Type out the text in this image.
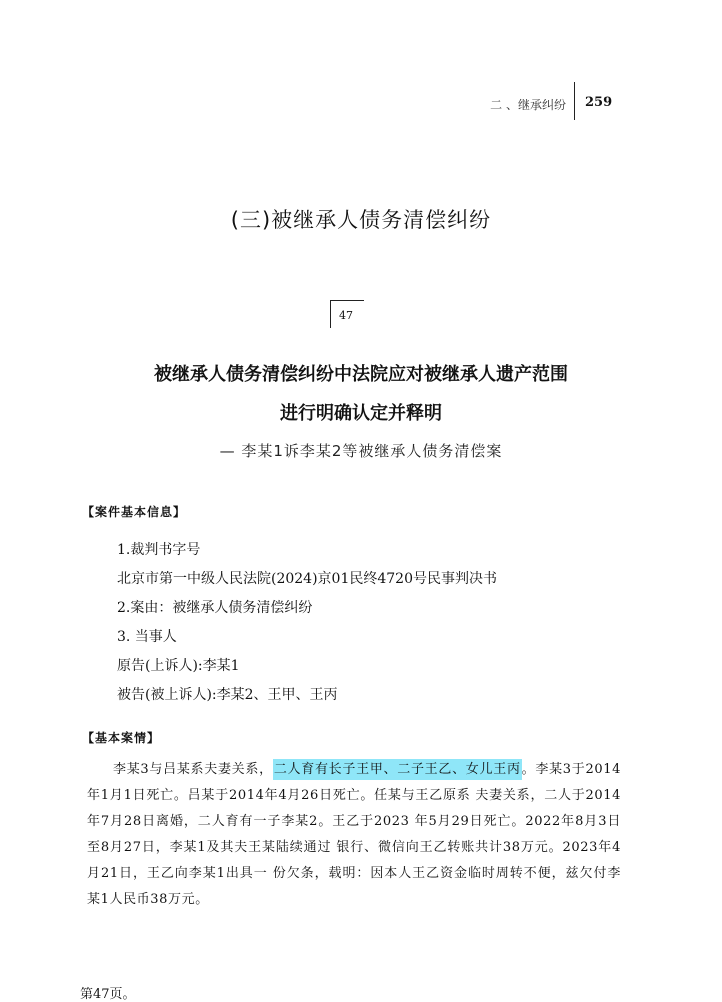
二 、继承纠纷 259
(三)被继承人债务清偿纠纷
47
被继承人债务清偿纠纷中法院应对被继承人遗产范围
进行明确认定并释明
— 李某1诉李某2等被继承人债务清偿案
【案件基本信息】
1.裁判书字号
北京市第一中级人民法院(2024)京01民终4720号民事判决书
2.案由：被继承人债务清偿纠纷
3. 当事人
原告(上诉人):李某1
被告(被上诉人):李某2、王甲、王丙
【基本案情】

李某3与吕某系夫妻关系，二人育有长子王甲、二子王乙、女儿王丙。李某3于2014年1月1日死亡。吕某于2014年4月26日死亡。任某与王乙原系 夫妻关系，二人于2014年7月28日离婚，二人育有一子李某2。王乙于2023 年5月29日死亡。2022年8月3日至8月27日，李某1及其夫王某陆续通过 银行、微信向王乙转账共计38万元。2023年4月21日，王乙向李某1出具一 份欠条，载明：因本人王乙资金临时周转不便，兹欠付李某1人民币38万元。

第47页。
